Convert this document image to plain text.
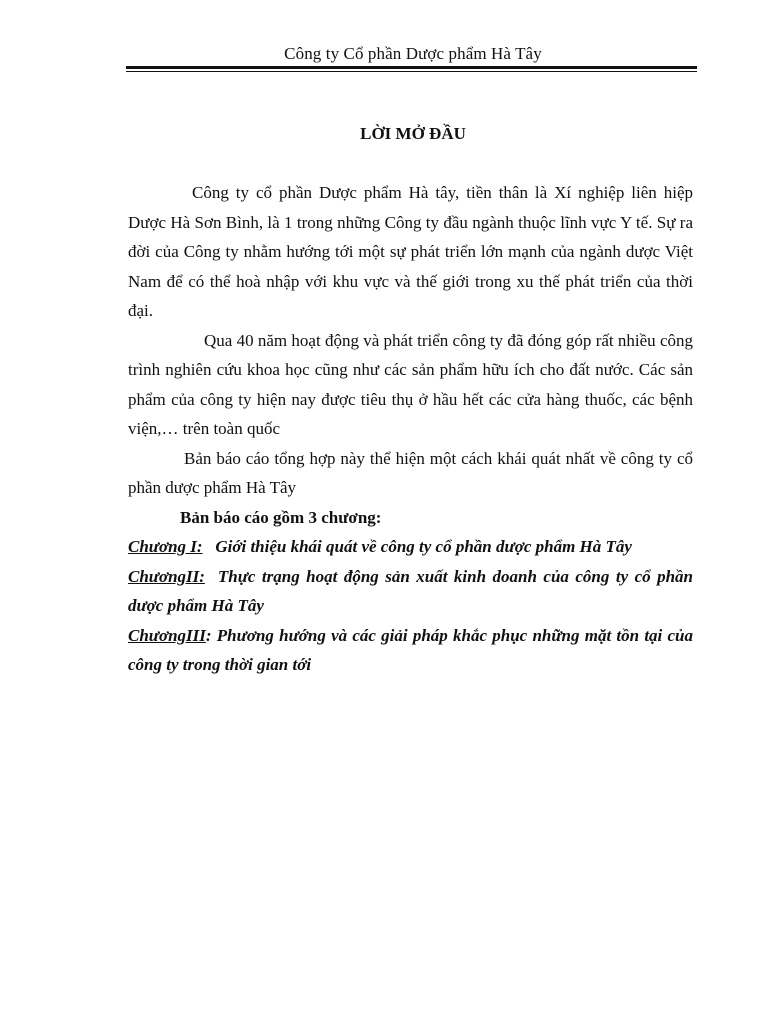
Công ty Cổ phần Dược phẩm Hà Tây
LỜI MỞ ĐẦU

Công ty cổ phần Dược phẩm Hà tây, tiền thân là Xí nghiệp liên hiệp Dược Hà Sơn Bình, là 1 trong những Công ty đầu ngành thuộc lĩnh vực Y tế. Sự ra đời của Công ty nhằm hướng tới một sự phát triển lớn mạnh của ngành dược Việt Nam để có thể hoà nhập với khu vực và thế giới trong xu thế phát triển của thời đại.

Qua 40 năm hoạt động và phát triển công ty đã đóng góp rất nhiều công trình nghiên cứu khoa học cũng như các sản phẩm hữu ích cho đất nước. Các sản phẩm của công ty hiện nay được tiêu thụ ở hầu hết các cửa hàng thuốc, các bệnh viện,… trên toàn quốc

Bản báo cáo tổng hợp này thể hiện một cách khái quát nhất về công ty cổ phần dược phẩm Hà Tây

Bản báo cáo gồm 3 chương:

Chương I: Giới thiệu khái quát về công ty cổ phần dược phẩm Hà Tây

ChươngII: Thực trạng hoạt động sản xuất kinh doanh của công ty cổ phần dược phẩm Hà Tây

ChươngIII: Phương hướng và các giải pháp khắc phục những mặt tồn tại của công ty trong thời gian tới
